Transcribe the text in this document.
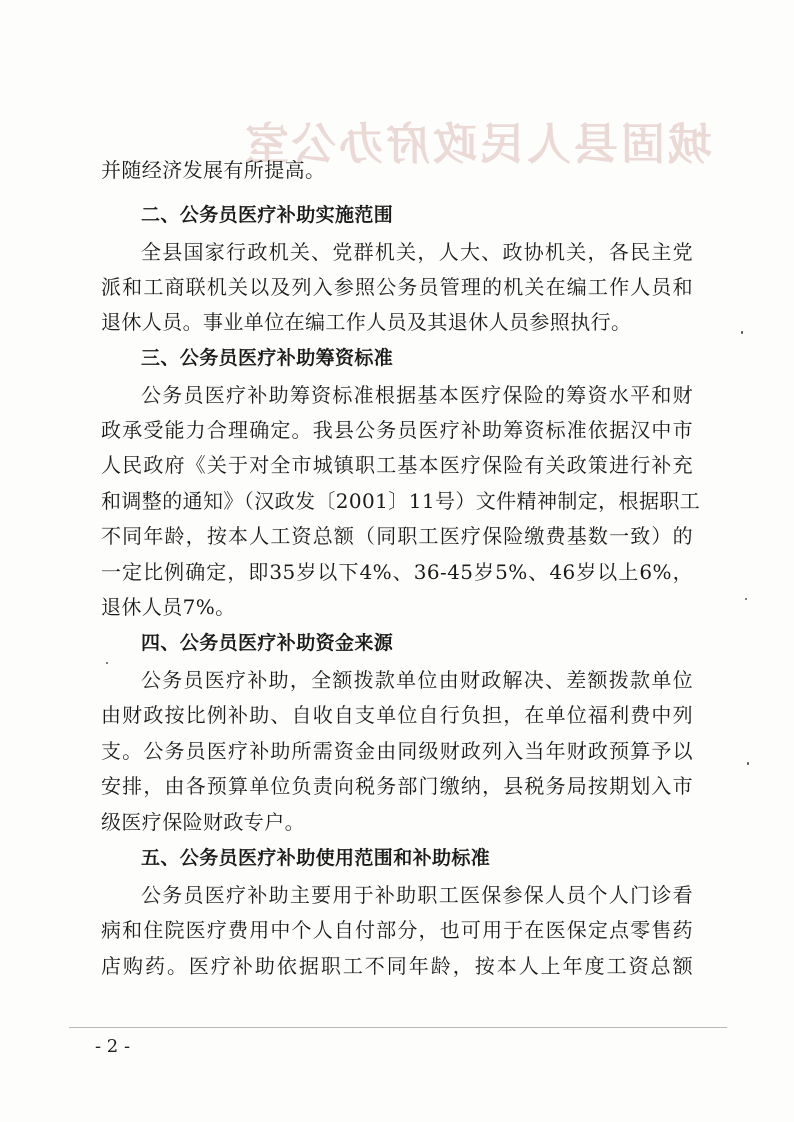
城固县人民政府办公室
并随经济发展有所提高。
二、公务员医疗补助实施范围
全县国家行政机关、党群机关，人大、政协机关，各民主党
派和工商联机关以及列入参照公务员管理的机关在编工作人员和
退休人员。事业单位在编工作人员及其退休人员参照执行。
三、公务员医疗补助筹资标准
公务员医疗补助筹资标准根据基本医疗保险的筹资水平和财
政承受能力合理确定。我县公务员医疗补助筹资标准依据汉中市
人民政府《关于对全市城镇职工基本医疗保险有关政策进行补充
和调整的通知》（汉政发〔2001〕11号）文件精神制定，根据职工
不同年龄，按本人工资总额（同职工医疗保险缴费基数一致）的
一定比例确定，即35岁以下4%、36-45岁5%、46岁以上6%，
退休人员7%。
四、公务员医疗补助资金来源
公务员医疗补助，全额拨款单位由财政解决、差额拨款单位
由财政按比例补助、自收自支单位自行负担，在单位福利费中列
支。公务员医疗补助所需资金由同级财政列入当年财政预算予以
安排，由各预算单位负责向税务部门缴纳，县税务局按期划入市
级医疗保险财政专户。
五、公务员医疗补助使用范围和补助标准
公务员医疗补助主要用于补助职工医保参保人员个人门诊看
病和住院医疗费用中个人自付部分，也可用于在医保定点零售药
店购药。医疗补助依据职工不同年龄，按本人上年度工资总额
- 2 -
